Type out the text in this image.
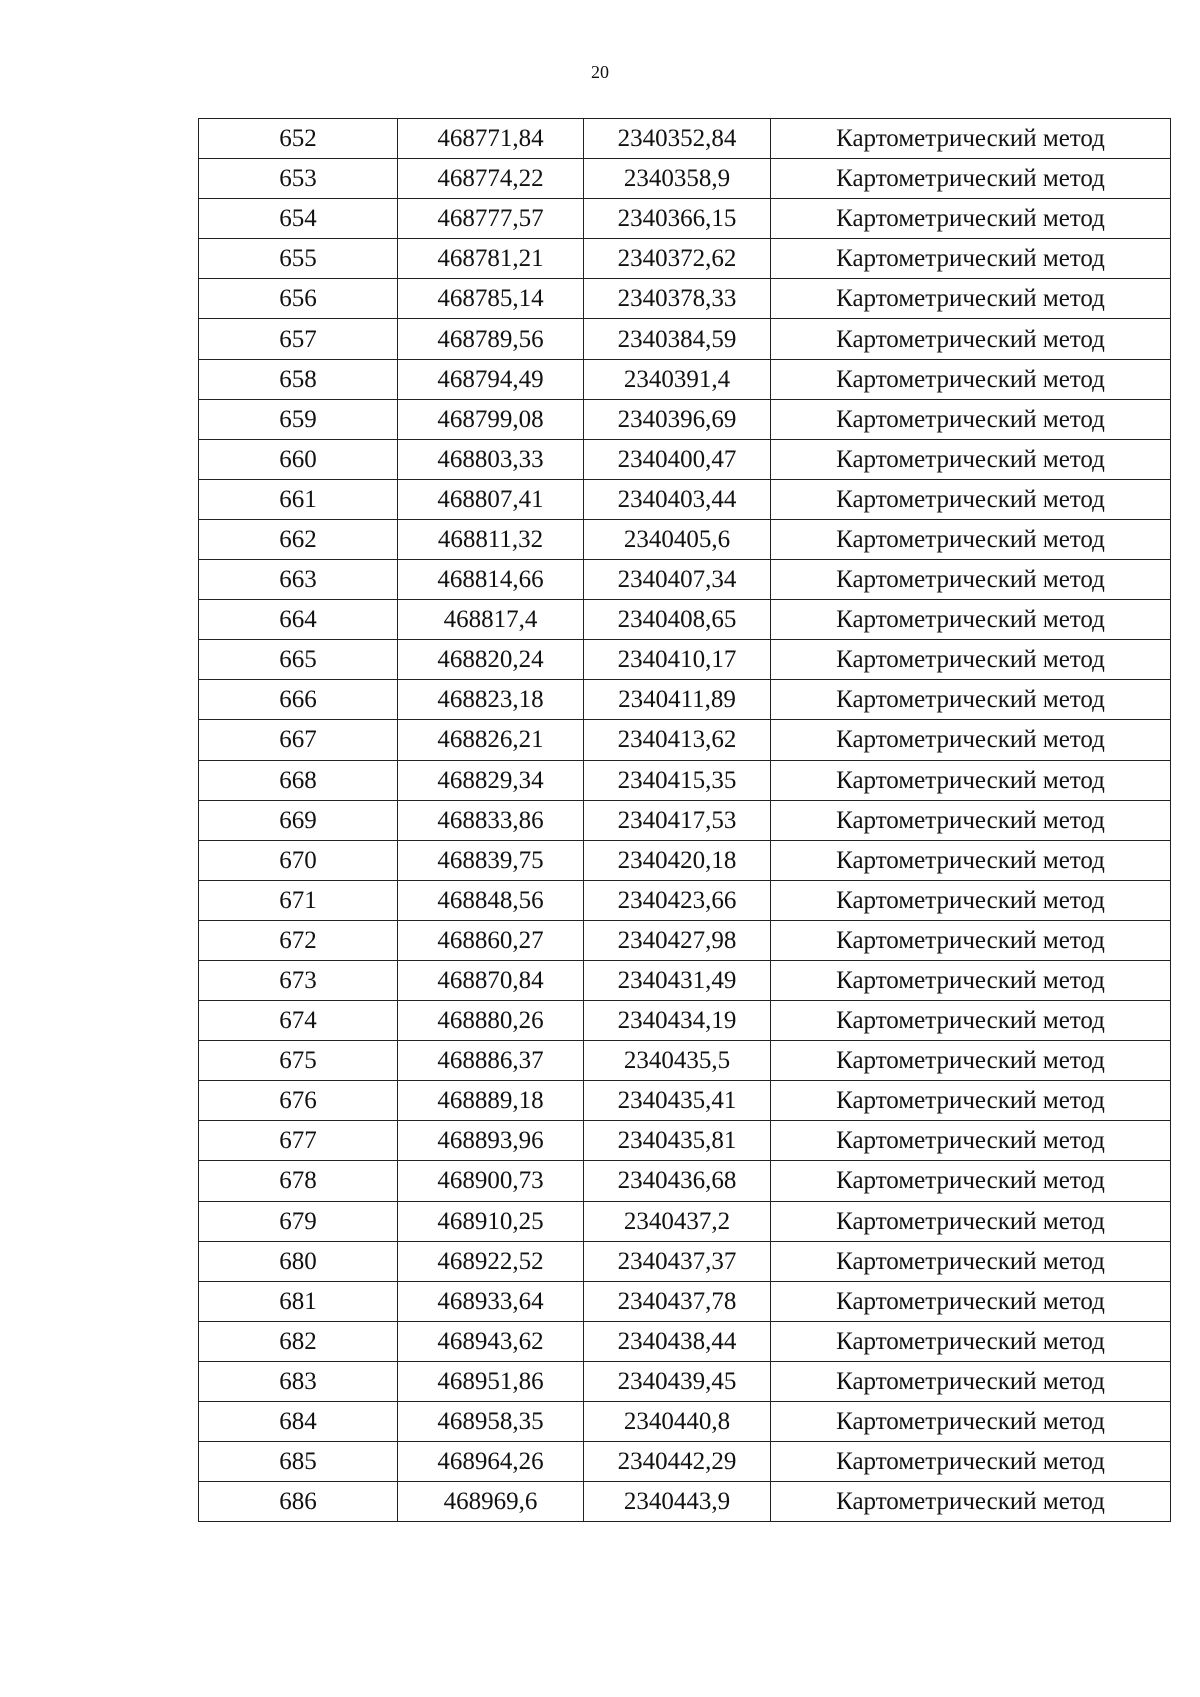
20
652	468771,84	2340352,84	Картометрический метод
653	468774,22	2340358,9	Картометрический метод
654	468777,57	2340366,15	Картометрический метод
655	468781,21	2340372,62	Картометрический метод
656	468785,14	2340378,33	Картометрический метод
657	468789,56	2340384,59	Картометрический метод
658	468794,49	2340391,4	Картометрический метод
659	468799,08	2340396,69	Картометрический метод
660	468803,33	2340400,47	Картометрический метод
661	468807,41	2340403,44	Картометрический метод
662	468811,32	2340405,6	Картометрический метод
663	468814,66	2340407,34	Картометрический метод
664	468817,4	2340408,65	Картометрический метод
665	468820,24	2340410,17	Картометрический метод
666	468823,18	2340411,89	Картометрический метод
667	468826,21	2340413,62	Картометрический метод
668	468829,34	2340415,35	Картометрический метод
669	468833,86	2340417,53	Картометрический метод
670	468839,75	2340420,18	Картометрический метод
671	468848,56	2340423,66	Картометрический метод
672	468860,27	2340427,98	Картометрический метод
673	468870,84	2340431,49	Картометрический метод
674	468880,26	2340434,19	Картометрический метод
675	468886,37	2340435,5	Картометрический метод
676	468889,18	2340435,41	Картометрический метод
677	468893,96	2340435,81	Картометрический метод
678	468900,73	2340436,68	Картометрический метод
679	468910,25	2340437,2	Картометрический метод
680	468922,52	2340437,37	Картометрический метод
681	468933,64	2340437,78	Картометрический метод
682	468943,62	2340438,44	Картометрический метод
683	468951,86	2340439,45	Картометрический метод
684	468958,35	2340440,8	Картометрический метод
685	468964,26	2340442,29	Картометрический метод
686	468969,6	2340443,9	Картометрический метод
